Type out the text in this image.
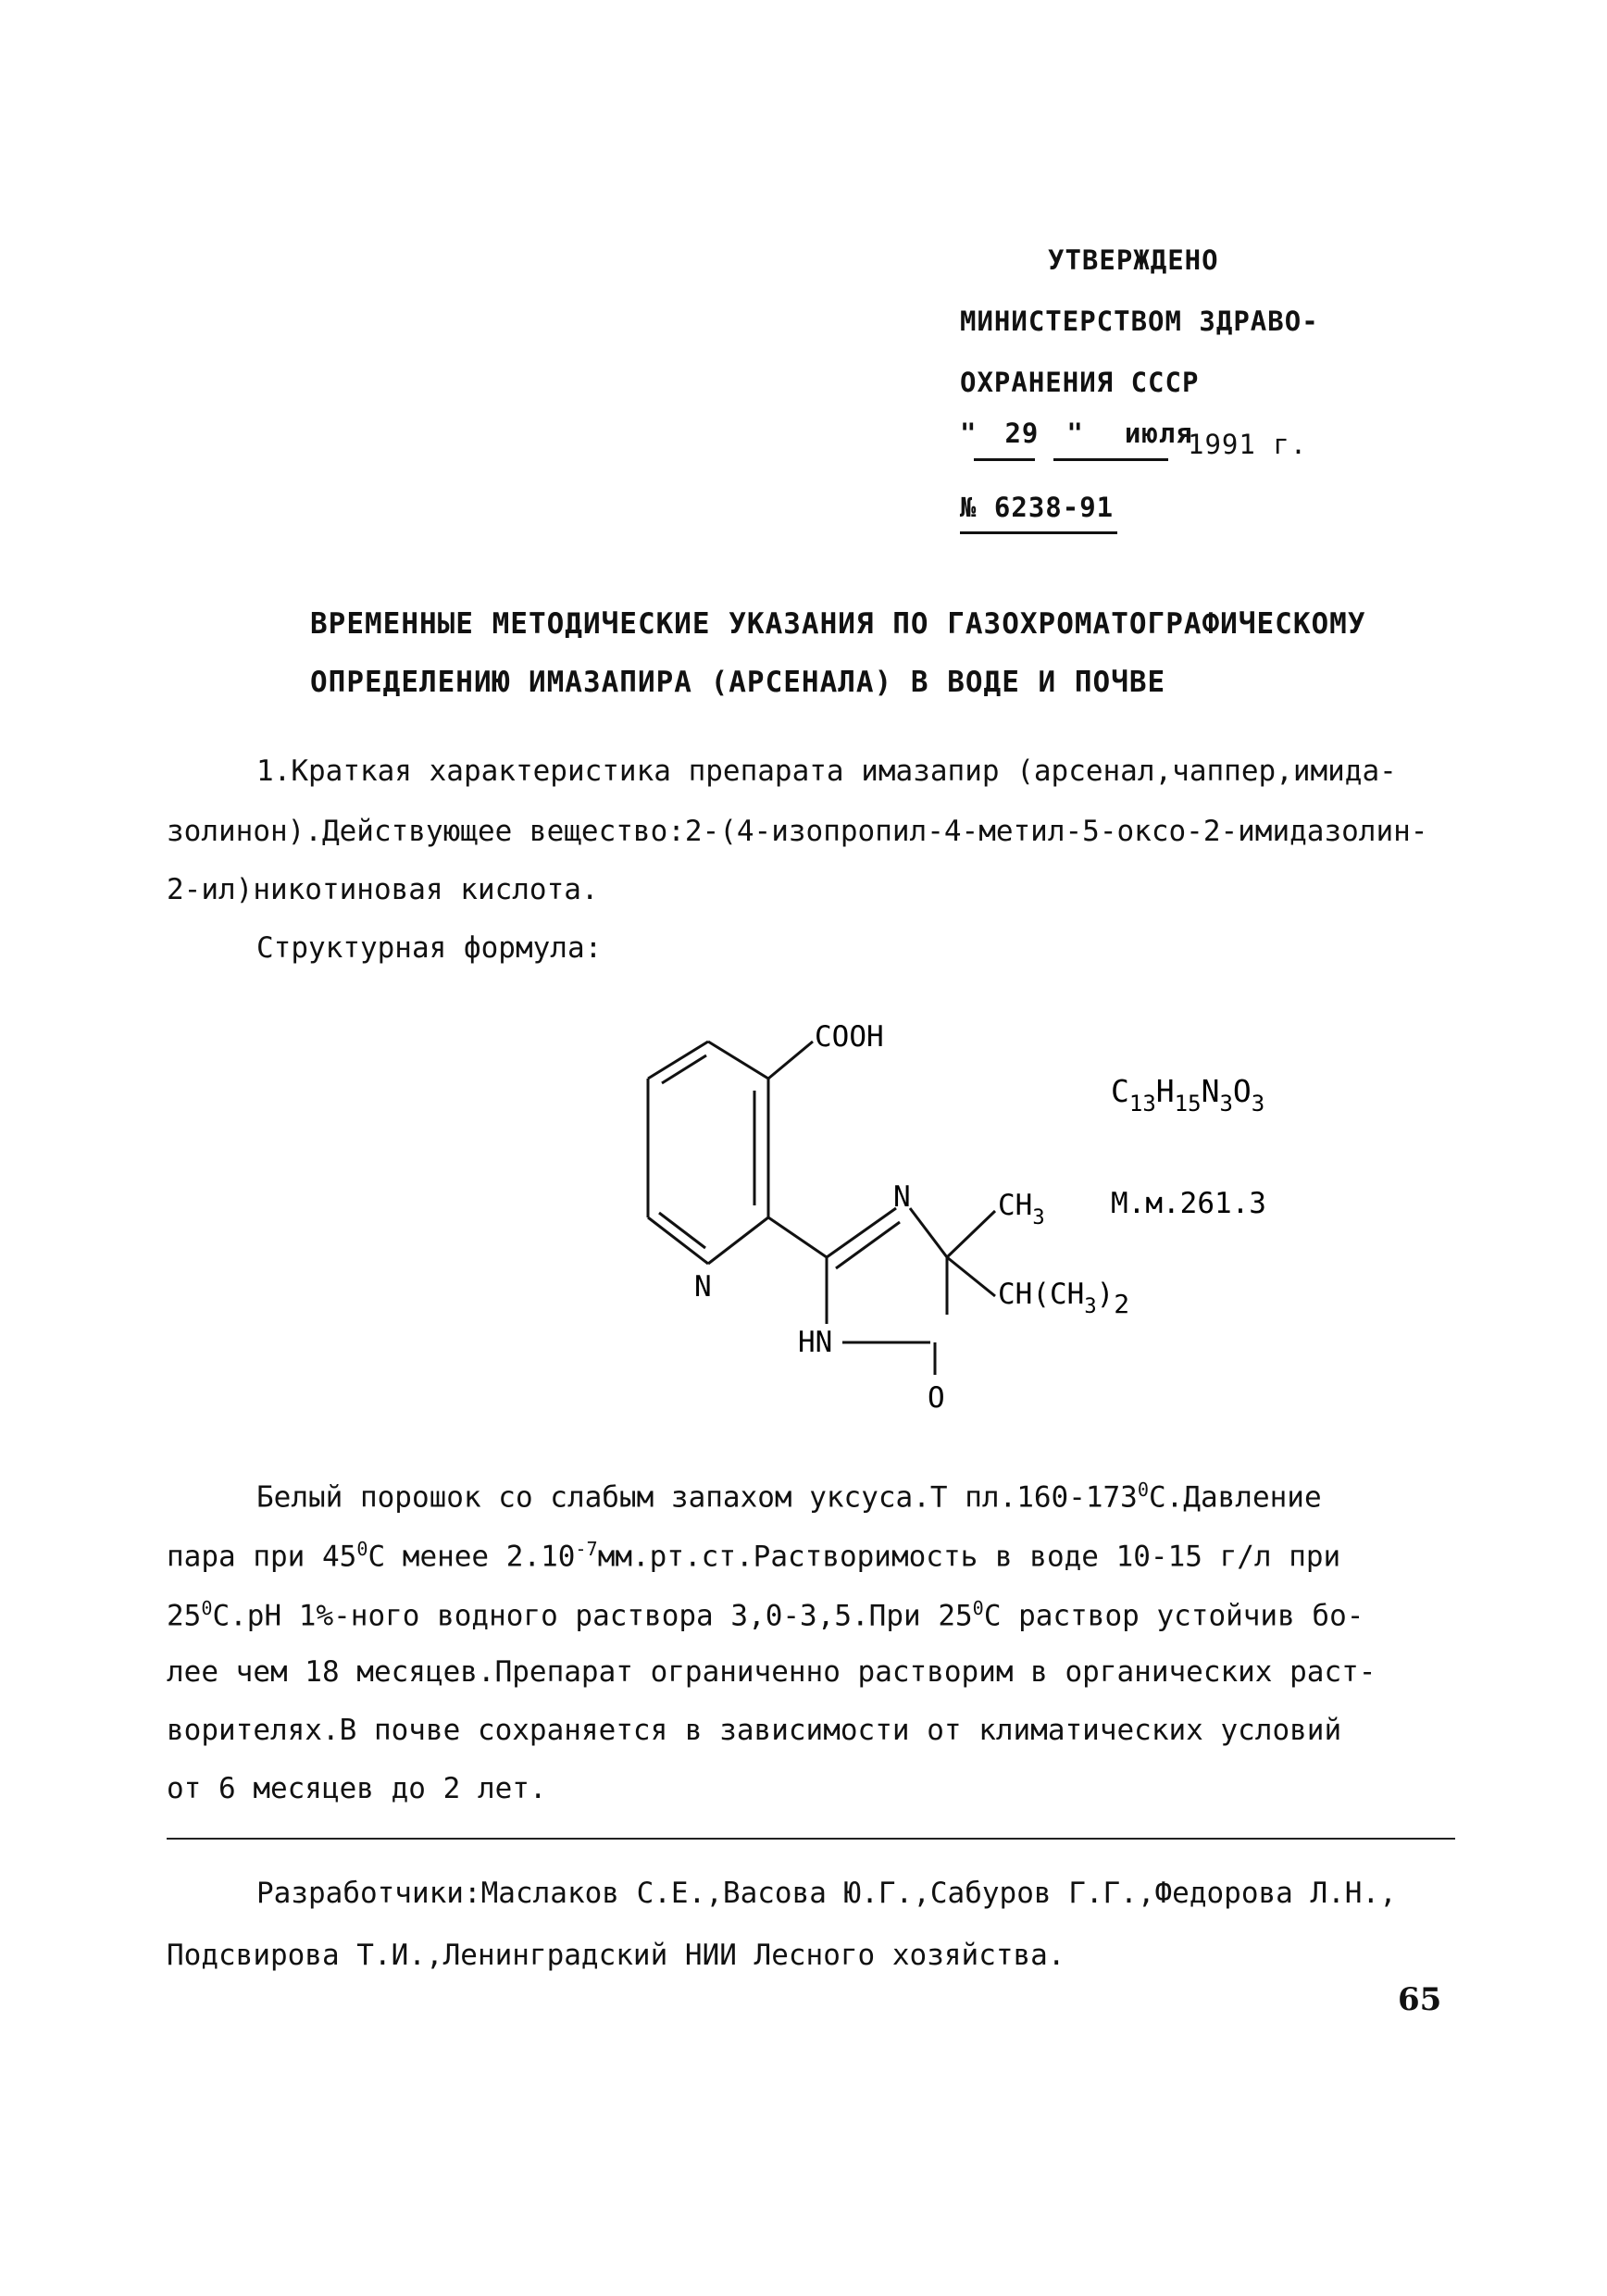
УТВЕРЖДЕНО
МИНИСТЕРСТВОМ ЗДРАВО-
ОХРАНЕНИЯ СССР
" 29 " июля
1991 г.
№ 6238-91
ВРЕМЕННЫЕ МЕТОДИЧЕСКИЕ УКАЗАНИЯ ПО ГАЗОХРОМАТОГРАФИЧЕСКОМУ
ОПРЕДЕЛЕНИЮ ИМАЗАПИРА (АРСЕНАЛА) В ВОДЕ И ПОЧВЕ
1.Краткая характеристика препарата имазапир (арсенал,чаппер,имида-
золинон).Действующее вещество:2-(4-изопропил-4-метил-5-оксо-2-имидазолин-
2-ил)никотиновая кислота.
Структурная формула:
COOH
N
N
HN
O
$CH_3$
$CH(CH_3)2$
$C_{13}H_{15}N_3O_3$
М.м.261.3
Белый порошок со слабым запахом уксуса.Т $пл.160-173^0С.Давление$
пара при $45^0С$ менее $2.10^{-7}мм.рт.ст.Растворимость$ в воде 10-15 г/л при
$25^0С.pH$ 1%-ного водного раствора 3,0-3,5.При $25^0С$ раствор устойчив бо-
лее чем 18 месяцев.Препарат ограниченно растворим в органических раст-
ворителях.В почве сохраняется в зависимости от климатических условий
от 6 месяцев до 2 лет.
Разработчики:Маслаков С.Е.,Васова Ю.Г.,Сабуров Г.Г.,Федорова Л.Н.,
Подсвирова Т.И.,Ленинградский НИИ Лесного хозяйства.
65
